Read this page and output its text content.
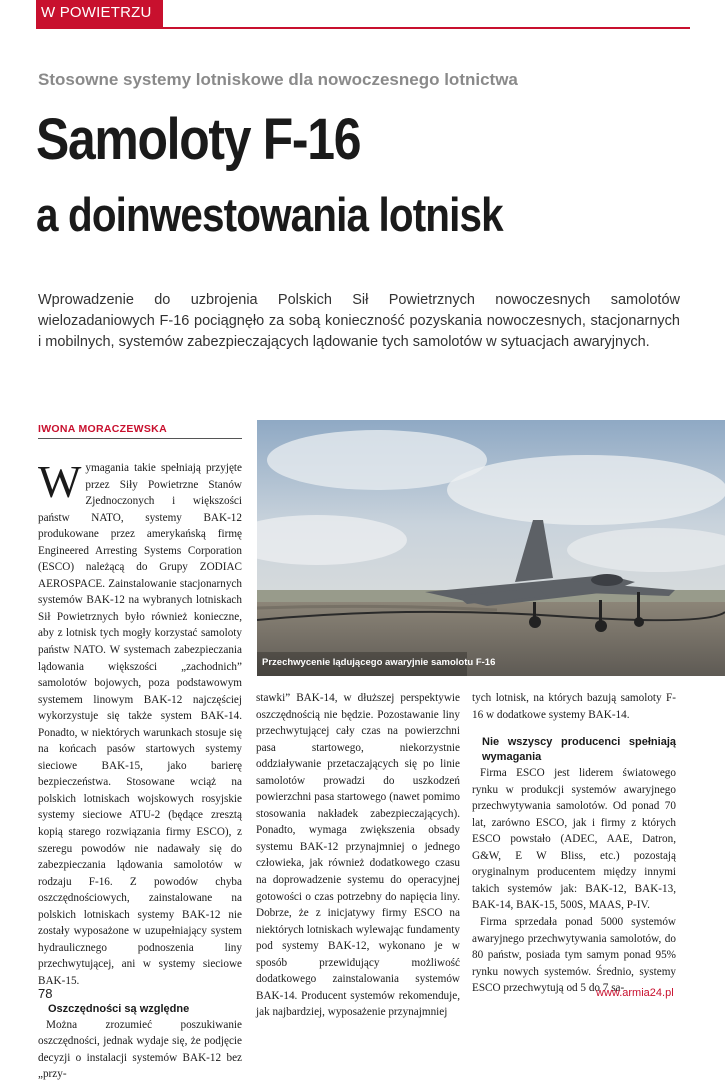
W POWIETRZU
Stosowne systemy lotniskowe dla nowoczesnego lotnictwa
Samoloty F-16
a doinwestowania lotnisk
Wprowadzenie do uzbrojenia Polskich Sił Powietrznych nowoczesnych samolotów wielozadaniowych F-16 pociągnęło za sobą konieczność pozyskania nowoczesnych, stacjonarnych i mobilnych, systemów zabezpieczających lądowanie tych samolotów w sytuacjach awaryjnych.
IWONA MORACZEWSKA
W ymagania takie spełniają przyjęte przez Siły Powietrzne Stanów Zjednoczonych i większości państw NATO, systemy BAK-12 produkowane przez amerykańską firmę Engineered Arresting Systems Corporation (ESCO) należącą do Grupy ZODIAC AEROSPACE. Zainstalowanie stacjonarnych systemów BAK-12 na wybranych lotniskach Sił Powietrznych było również konieczne, aby z lotnisk tych mogły korzystać samoloty państw NATO. W systemach zabezpieczania lądowania większości „zachodnich” samolotów bojowych, poza podstawowym systemem linowym BAK-12 najczęściej wykorzystuje się także system BAK-14. Ponadto, w niektórych warunkach stosuje się na końcach pasów startowych systemy sieciowe BAK-15, jako barierę bezpieczeństwa. Stosowane wciąż na polskich lotniskach wojskowych rosyjskie systemy sieciowe ATU-2 (będące zresztą kopią starego rozwiązania firmy ESCO), z szeregu powodów nie nadawały się do zabezpieczania lądowania samolotów w rodzaju F-16. Z powodów chyba oszczędnościowych, zainstalowane na polskich lotniskach systemy BAK-12 nie zostały wyposażone w uzupełniający system hydraulicznego podnoszenia liny przechwytującej, ani w systemy sieciowe BAK-15.

Oszczędności są względne

Można zrozumieć poszukiwanie oszczędności, jednak wydaje się, że podjęcie decyzji o instalacji systemów BAK-12 bez „przy-

Przechwycenie lądującego awaryjnie samolotu F-16

stawki” BAK-14, w dłuższej perspektywie oszczędnością nie będzie. Pozostawanie liny przechwytującej cały czas na powierzchni pasa startowego, niekorzystnie oddziaływanie przetaczających się po linie samolotów prowadzi do uszkodzeń powierzchni pasa startowego (nawet pomimo stosowania nakładek zabezpieczających). Ponadto, wymaga zwiększenia obsady systemu BAK-12 przynajmniej o jednego człowieka, jak również dodatkowego czasu na doprowadzenie systemu do operacyjnej gotowości o czas potrzebny do napięcia liny. Dobrze, że z inicjatywy firmy ESCO na niektórych lotniskach wylewając fundamenty pod systemy BAK-12, wykonano je w sposób przewidujący możliwość dodatkowego zainstalowania systemów BAK-14. Producent systemów rekomenduje, jak najbardziej, wyposażenie przynajmniej

tych lotnisk, na których bazują samoloty F-16 w dodatkowe systemy BAK-14.

Nie wszyscy producenci spełniają wymagania

Firma ESCO jest liderem światowego rynku w produkcji systemów awaryjnego przechwytywania samolotów. Od ponad 70 lat, zarówno ESCO, jak i firmy z których ESCO powstało (ADEC, AAE, Datron, G&W, E W Bliss, etc.) pozostają oryginalnym producentem między innymi takich systemów jak: BAK-12, BAK-13, BAK-14, BAK-15, 500S, MAAS, P-IV.

Firma sprzedała ponad 5000 systemów awaryjnego przechwytywania samolotów, do 80 państw, posiada tym samym ponad 95% rynku nowych systemów. Średnio, systemy ESCO przechwytują od 5 do 7 sa-

78	www.armia24.pl
